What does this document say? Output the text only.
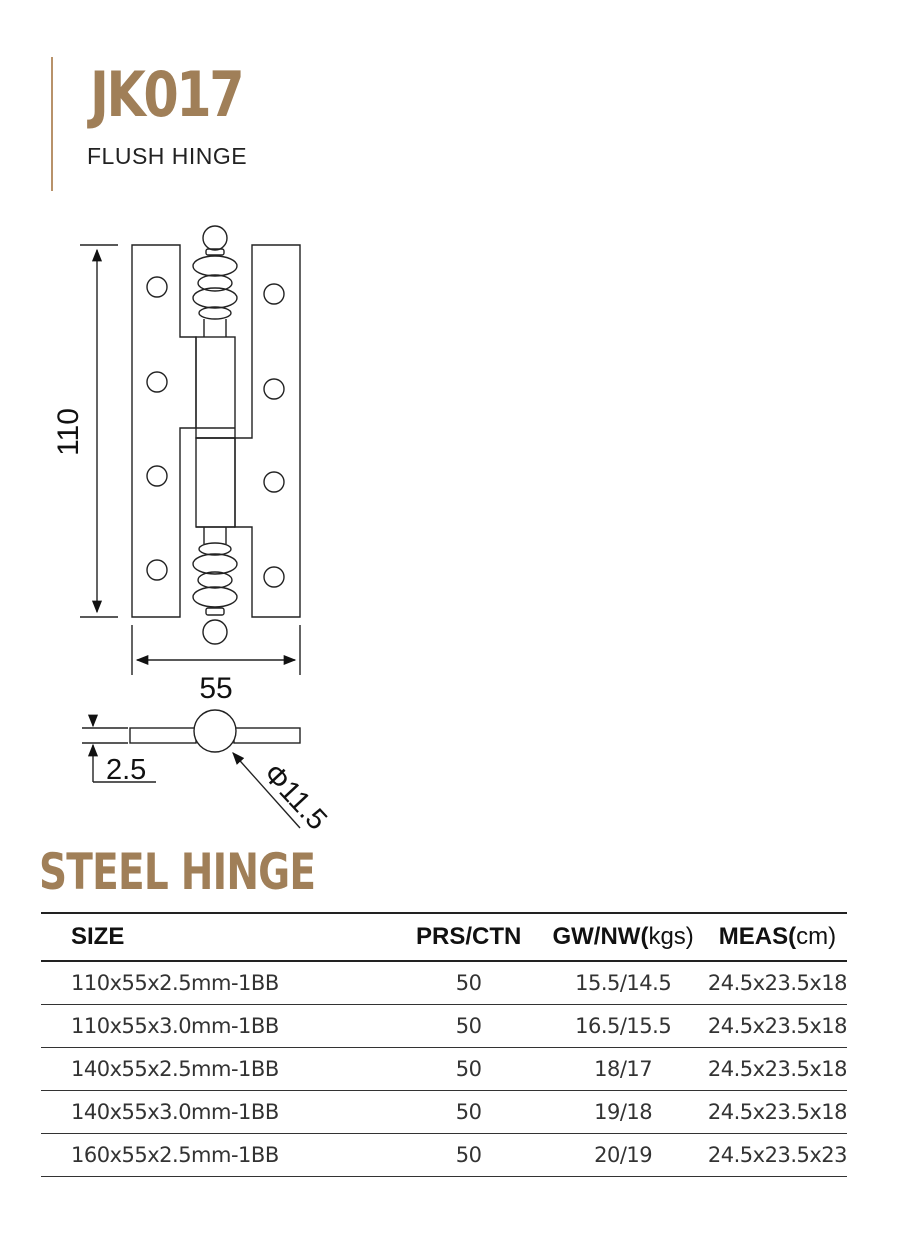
JK017
FLUSH HINGE
110
55
2.5	Φ11.5
STEEL HINGE
SIZE	PRS/CTN	GW/NW(kgs)	MEAS(cm)
110x55x2.5mm-1BB	50	15.5/14.5	24.5x23.5x18
110x55x3.0mm-1BB	50	16.5/15.5	24.5x23.5x18
140x55x2.5mm-1BB	50	18/17	24.5x23.5x18
140x55x3.0mm-1BB	50	19/18	24.5x23.5x18
160x55x2.5mm-1BB	50	20/19	24.5x23.5x23
